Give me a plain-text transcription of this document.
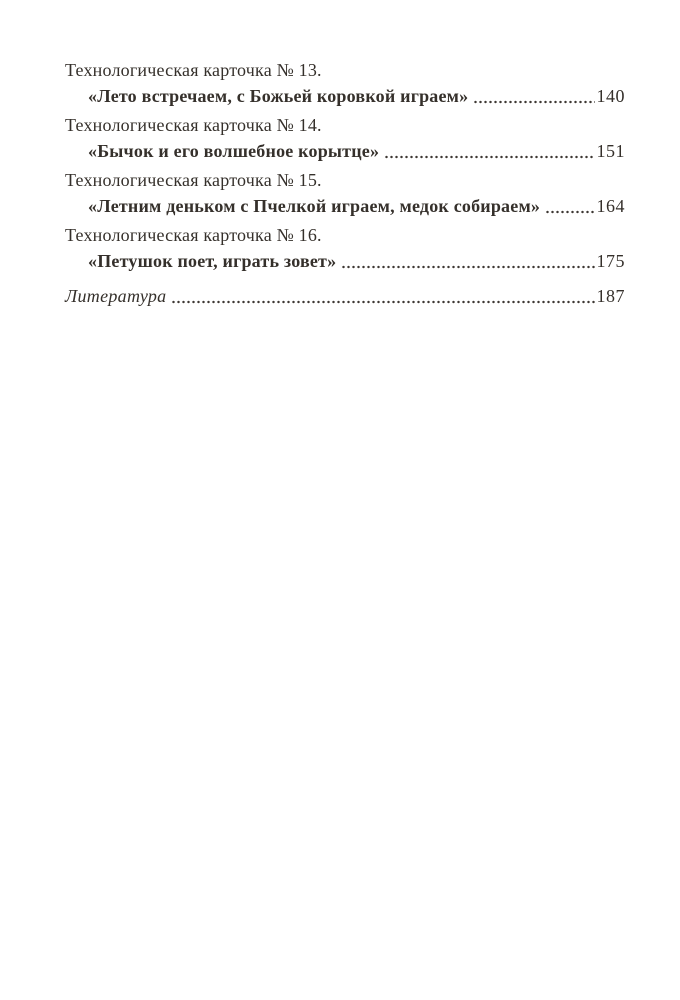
Технологическая карточка № 13.
«Лето встречаем, с Божьей коровкой играем»	140
Технологическая карточка № 14.
«Бычок и его волшебное корытце»	151
Технологическая карточка № 15.
«Летним деньком с Пчелкой играем, медок собираем»	164
Технологическая карточка № 16.
«Петушок поет, играть зовет»	175
Литература	187
